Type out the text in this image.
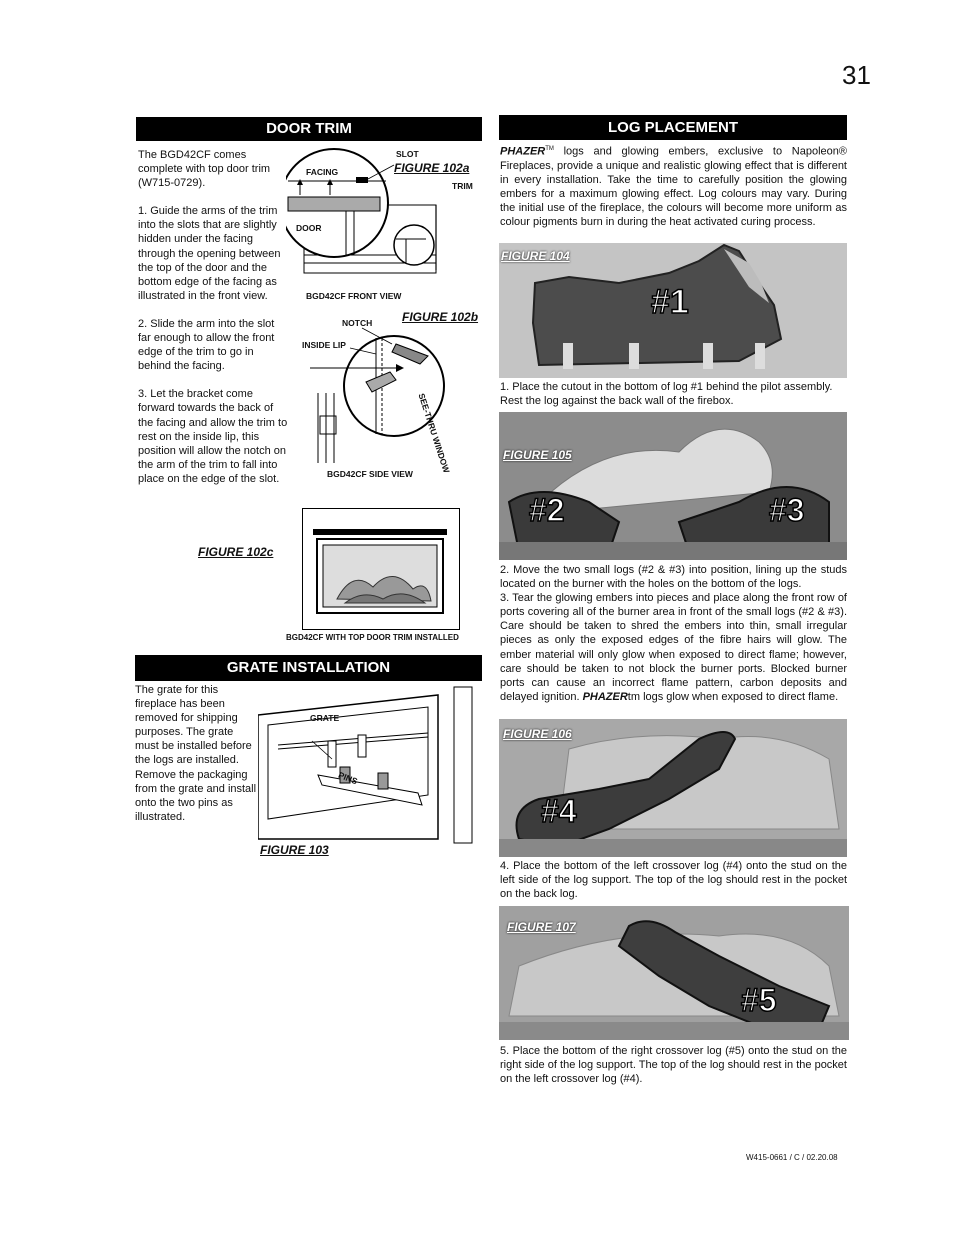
31
DOOR TRIM
The BGD42CF comes complete with top door trim (W715-0729).
1. Guide the arms of the trim into the slots that are slightly hidden under the facing through the opening between the top of the door and the bottom edge of the facing as illustrated in the front view.
2. Slide the arm into the slot far enough to allow the front edge of the trim to go in behind the facing.
3. Let the bracket come forward towards the back of the facing and allow the trim to rest on the inside lip, this position will allow the notch on the arm of the trim to fall into place on the edge of the slot.
SLOT
FACING
TRIM
DOOR
FIGURE 102a
BGD42CF FRONT VIEW
NOTCH
INSIDE LIP
SEE-THRU WINDOW
FIGURE 102b
BGD42CF SIDE VIEW
FIGURE 102c
BGD42CF WITH TOP DOOR TRIM INSTALLED
GRATE INSTALLATION
The grate for this fireplace has been removed for shipping purposes. The grate must be installed before the logs are installed. Remove the packaging from the grate and install onto the two pins as illustrated.
GRATE
PINS
FIGURE 103
LOG PLACEMENT
PHAZER™ logs and glowing embers, exclusive to Napoleon® Fireplaces, provide a unique and realistic glowing effect that is different in every installation. Take the time to carefully position the glowing embers for a maximum glowing effect. Log colours may vary. During the initial use of the fireplace, the colours will become more uniform as colour pigments burn in during the heat activated curing process.
FIGURE 104
#1
1. Place the cutout in the bottom of log #1 behind the pilot assembly. Rest the log against the back wall of the firebox.
FIGURE 105
#2	#3
2. Move the two small logs (#2 & #3) into position, lining up the studs located on the burner with the holes on the bottom of the logs.
3. Tear the glowing embers into pieces and place along the front row of ports covering all of the burner area in front of the small logs (#2 & #3). Care should be taken to shred the embers into thin, small irregular pieces as only the exposed edges of the fibre hairs will glow. The ember material will only glow when exposed to direct flame; however, care should be taken to not block the burner ports. Blocked burner ports can cause an incorrect flame pattern, carbon deposits and delayed ignition. PHAZERtm logs glow when exposed to direct flame.
FIGURE 106
#4
4. Place the bottom of the left crossover log (#4) onto the stud on the left side of the log support. The top of the log should rest in the pocket on the back log.
FIGURE 107
#5
5. Place the bottom of the right crossover log (#5) onto the stud on the right side of the log support. The top of the log should rest in the pocket on the left crossover log (#4).
W415-0661 / C / 02.20.08
